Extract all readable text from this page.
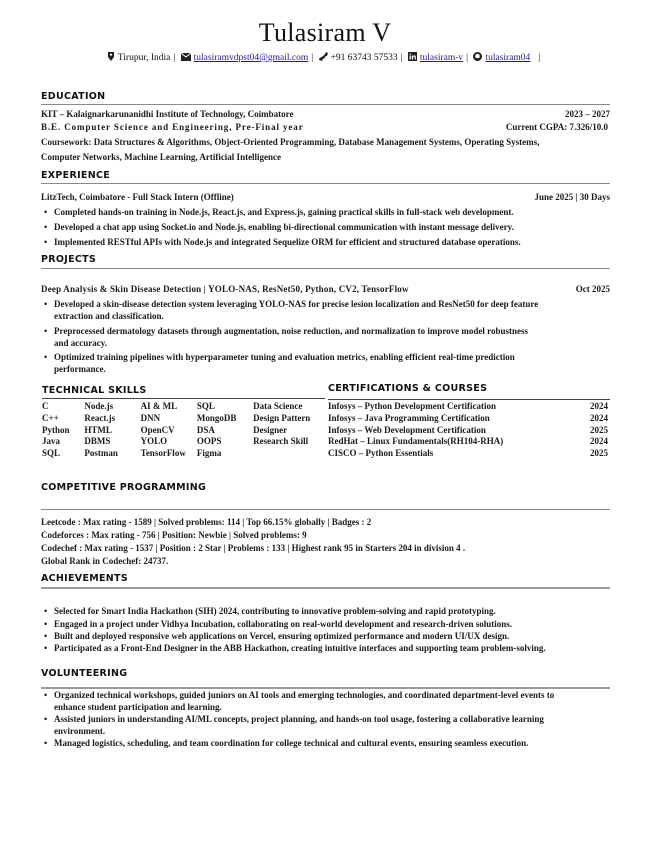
Tulasiram V
Tirupur, India | tulasiramvdpst04@gmail.com | +91 63743 57533 | tulasiram-v | tulasiram04 |
EDUCATION
KIT – Kalaignarkarunanidhi Institute of Technology, Coimbatore	2023 – 2027
B.E. Computer Science and Engineering, Pre-Final year	Current CGPA: 7.326/10.0
Coursework: Data Structures & Algorithms, Object-Oriented Programming, Database Management Systems, Operating Systems,
Computer Networks, Machine Learning, Artificial Intelligence
EXPERIENCE
LitzTech, Coimbatore - Full Stack Intern (Offline)	June 2025 | 30 Days
• Completed hands-on training in Node.js, React.js, and Express.js, gaining practical skills in full-stack web development.
• Developed a chat app using Socket.io and Node.js, enabling bi-directional communication with instant message delivery.
• Implemented RESTful APIs with Node.js and integrated Sequelize ORM for efficient and structured database operations.
PROJECTS
Deep Analysis & Skin Disease Detection | YOLO-NAS, ResNet50, Python, CV2, TensorFlow	Oct 2025
• Developed a skin-disease detection system leveraging YOLO-NAS for precise lesion localization and ResNet50 for deep feature
extraction and classification.
• Preprocessed dermatology datasets through augmentation, noise reduction, and normalization to improve model robustness
and accuracy.
• Optimized training pipelines with hyperparameter tuning and evaluation metrics, enabling efficient real-time prediction
performance.
TECHNICAL SKILLS
C	Node.js	AI & ML	SQL	Data Science
C++	React.js	DNN	MongoDB	Design Pattern
Python	HTML	OpenCV	DSA	Designer
Java	DBMS	YOLO	OOPS	Research Skill
SQL	Postman	TensorFlow	Figma
CERTIFICATIONS & COURSES
Infosys – Python Development Certification	2024
Infosys – Java Programming Certification	2024
Infosys – Web Development Certification	2025
RedHat – Linux Fundamentals(RH104-RHA)	2024
CISCO – Python Essentials	2025
COMPETITIVE PROGRAMMING
Leetcode : Max rating - 1589 | Solved problems: 114 | Top 66.15% globally | Badges : 2
Codeforces : Max rating - 756 | Position: Newbie | Solved problems: 9
Codechef : Max rating - 1537 | Position : 2 Star | Problems : 133 | Highest rank 95 in Starters 204 in division 4 .
Global Rank in Codechef: 24737.
ACHIEVEMENTS
• Selected for Smart India Hackathon (SIH) 2024, contributing to innovative problem-solving and rapid prototyping.
• Engaged in a project under Vidhya Incubation, collaborating on real-world development and research-driven solutions.
• Built and deployed responsive web applications on Vercel, ensuring optimized performance and modern UI/UX design.
• Participated as a Front-End Designer in the ABB Hackathon, creating intuitive interfaces and supporting team problem-solving.
VOLUNTEERING
• Organized technical workshops, guided juniors on AI tools and emerging technologies, and coordinated department-level events to
enhance student participation and learning.
• Assisted juniors in understanding AI/ML concepts, project planning, and hands-on tool usage, fostering a collaborative learning
environment.
• Managed logistics, scheduling, and team coordination for college technical and cultural events, ensuring seamless execution.
